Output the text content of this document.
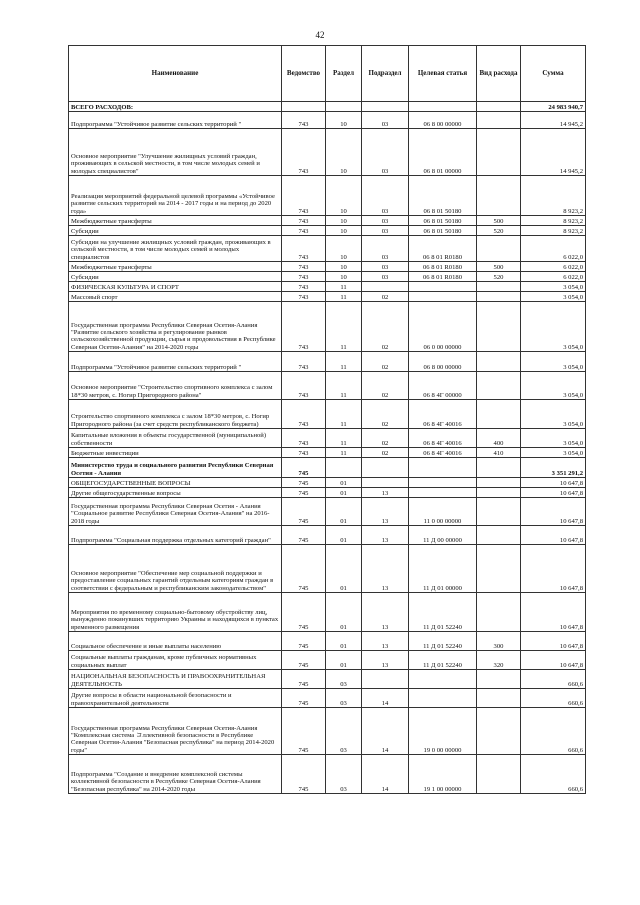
42
Наименование	Ведомство	Раздел	Подраздел	Целевая статья	Вид расхода	Сумма
ВСЕГО РАСХОДОВ:						24 983 940,7
Подпрограмма "Устойчивое развитие сельских территорий "	743	10	03	06 8 00 00000		14 945,2
Основное мероприятие "Улучшение жилищных условий граждан, проживающих в сельской местности, в том числе молодых семей и молодых специалистов"	743	10	03	06 8 01 00000		14 945,2
Реализация мероприятий федеральной целевой программы «Устойчивое развитие сельских территорий на 2014 - 2017 годы и на период до 2020 года»	743	10	03	06 8 01 50180		8 923,2
Межбюджетные трансферты	743	10	03	06 8 01 50180	500	8 923,2
Субсидии	743	10	03	06 8 01 50180	520	8 923,2
Субсидии на улучшение жилищных условий граждан, проживающих в сельской местности, в том числе молодых семей и молодых специалистов	743	10	03	06 8 01 R0180		6 022,0
Межбюджетные трансферты	743	10	03	06 8 01 R0180	500	6 022,0
Субсидии	743	10	03	06 8 01 R0180	520	6 022,0
ФИЗИЧЕСКАЯ КУЛЬТУРА И СПОРТ	743	11				3 054,0
Массовый спорт	743	11	02			3 054,0
Государственная программа Республики Северная Осетия-Алания "Развитие сельского хозяйства и регулирование рынков сельскохозяйственной продукции, сырья и продовольствия в Республике Северная Осетия-Алания" на 2014-2020 годы	743	11	02	06 0 00 00000		3 054,0
Подпрограмма "Устойчивое развитие сельских территорий "	743	11	02	06 8 00 00000		3 054,0
Основное мероприятие "Строительство спортивного комплекса с залом 18*30 метров, с. Ногир Пригородного района"	743	11	02	06 8 4Г 00000		3 054,0
Строительство спортивного комплекса с залом 18*30 метров, с. Ногир Пригородного района (за счет средств республиканского бюджета)	743	11	02	06 8 4Г 40016		3 054,0
Капитальные вложения в объекты государственной (муниципальной) собственности	743	11	02	06 8 4Г 40016	400	3 054,0
Бюджетные инвестиции	743	11	02	06 8 4Г 40016	410	3 054,0
Министерство труда и социального развития Республики Северная Осетия - Алания	745					3 351 291,2
ОБЩЕГОСУДАРСТВЕННЫЕ ВОПРОСЫ	745	01				10 647,8
Другие общегосударственные вопросы	745	01	13			10 647,8
Государственная программа Республики Северная Осетия - Алания "Социальное развитие Республики Северная Осетия-Алания" на 2016-2018 годы	745	01	13	11 0 00 00000		10 647,8
Подпрограмма "Социальная поддержка отдельных категорий граждан"	745	01	13	11 Д 00 00000		10 647,8
Основное мероприятие "Обеспечение мер социальной поддержки и предоставление социальных гарантий отдельным категориям граждан в соответствии с федеральным и республиканским законодательством"	745	01	13	11 Д 01 00000		10 647,8
Мероприятия по временному социально-бытовому обустройству лиц, вынужденно покинувших территорию Украины и находящихся в пунктах временного размещения	745	01	13	11 Д 01 52240		10 647,8
Социальное обеспечение и иные выплаты населению	745	01	13	11 Д 01 52240	300	10 647,8
Социальные выплаты гражданам, кроме публичных нормативных социальных выплат	745	01	13	11 Д 01 52240	320	10 647,8
НАЦИОНАЛЬНАЯ БЕЗОПАСНОСТЬ И ПРАВООХРАНИТЕЛЬНАЯ ДЕЯТЕЛЬНОСТЬ	745	03				660,6
Другие вопросы в области национальной безопасности и правоохранительной деятельности	745	03	14			660,6
Государственная программа Республики Северная Осетия-Алания "Комплексная система コллективной безопасности в Республике Северная Осетия-Алания "Безопасная республика" на период 2014-2020 годы"	745	03	14	19 0 00 00000		660,6
Подпрограмма "Создание и внедрение комплексной системы коллективной безопасности в Республике Северная Осетия-Алания "Безопасная республика" на 2014-2020 годы	745	03	14	19 1 00 00000		660,6
